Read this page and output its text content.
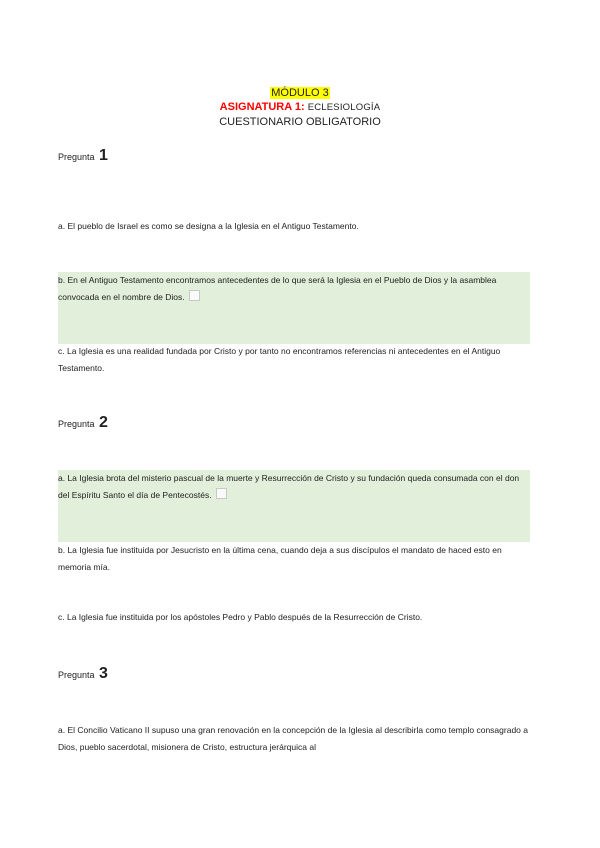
MÓDULO 3
ASIGNATURA 1: ECLESIOLOGÍA
CUESTIONARIO OBLIGATORIO
Pregunta 1
a. El pueblo de Israel es como se designa a la Iglesia en el Antiguo Testamento.
b. En el Antiguo Testamento encontramos antecedentes de lo que será la Iglesia en el Pueblo de Dios y la asamblea convocada en el nombre de Dios.
c. La Iglesia es una realidad fundada por Cristo y por tanto no encontramos referencias ni antecedentes en el Antiguo Testamento.
Pregunta 2
a. La Iglesia brota del misterio pascual de la muerte y Resurrección de Cristo y su fundación queda consumada con el don del Espíritu Santo el día de Pentecostés.
b. La Iglesia fue instituida por Jesucristo en la última cena, cuando deja a sus discípulos el mandato de haced esto en memoria mía.
c. La Iglesia fue instituida por los apóstoles Pedro y Pablo después de la Resurrección de Cristo.
Pregunta 3
a. El Concilio Vaticano II supuso una gran renovación en la concepción de la Iglesia al describirla como templo consagrado a Dios, pueblo sacerdotal, misionera de Cristo, estructura jerárquica al
